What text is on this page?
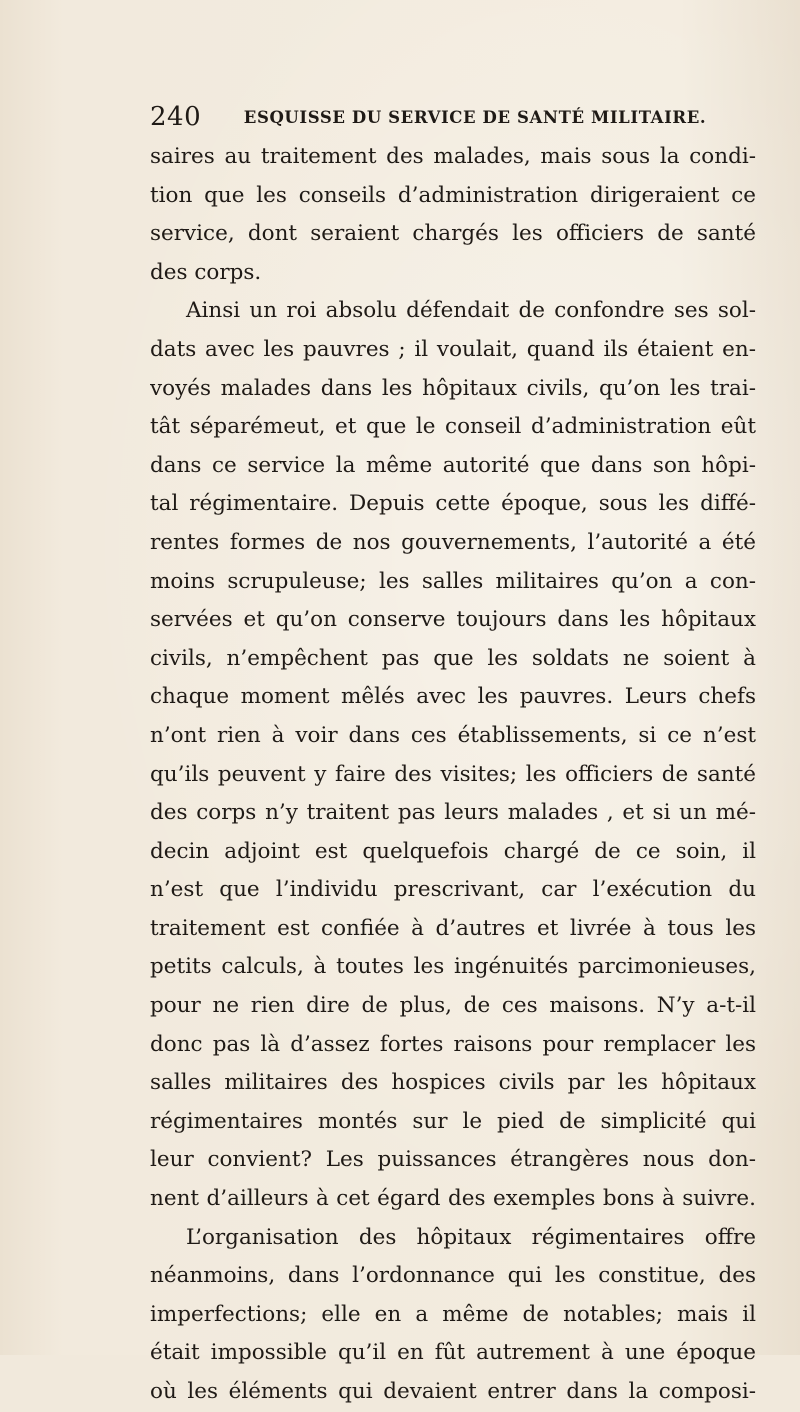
240	ESQUISSE DU SERVICE DE SANTÉ MILITAIRE.
saires au traitement des malades, mais sous la condi-
tion que les conseils d’administration dirigeraient ce
service, dont seraient chargés les officiers de santé
des corps.
Ainsi un roi absolu défendait de confondre ses sol-
dats avec les pauvres ; il voulait, quand ils étaient en-
voyés malades dans les hôpitaux civils, qu’on les trai-
tât séparémeut, et que le conseil d’administration eût
dans ce service la même autorité que dans son hôpi-
tal régimentaire. Depuis cette époque, sous les diffé-
rentes formes de nos gouvernements, l’autorité a été
moins scrupuleuse; les salles militaires qu’on a con-
servées et qu’on conserve toujours dans les hôpitaux
civils, n’empêchent pas que les soldats ne soient à
chaque moment mêlés avec les pauvres. Leurs chefs
n’ont rien à voir dans ces établissements, si ce n’est
qu’ils peuvent y faire des visites; les officiers de santé
des corps n’y traitent pas leurs malades , et si un mé-
decin adjoint est quelquefois chargé de ce soin, il
n’est que l’individu prescrivant, car l’exécution du
traitement est confiée à d’autres et livrée à tous les
petits calculs, à toutes les ingénuités parcimonieuses,
pour ne rien dire de plus, de ces maisons. N’y a-t-il
donc pas là d’assez fortes raisons pour remplacer les
salles militaires des hospices civils par les hôpitaux
régimentaires montés sur le pied de simplicité qui
leur convient? Les puissances étrangères nous don-
nent d’ailleurs à cet égard des exemples bons à suivre.
L’organisation des hôpitaux régimentaires offre
néanmoins, dans l’ordonnance qui les constitue, des
imperfections; elle en a même de notables; mais il
était impossible qu’il en fût autrement à une époque
où les éléments qui devaient entrer dans la composi-
